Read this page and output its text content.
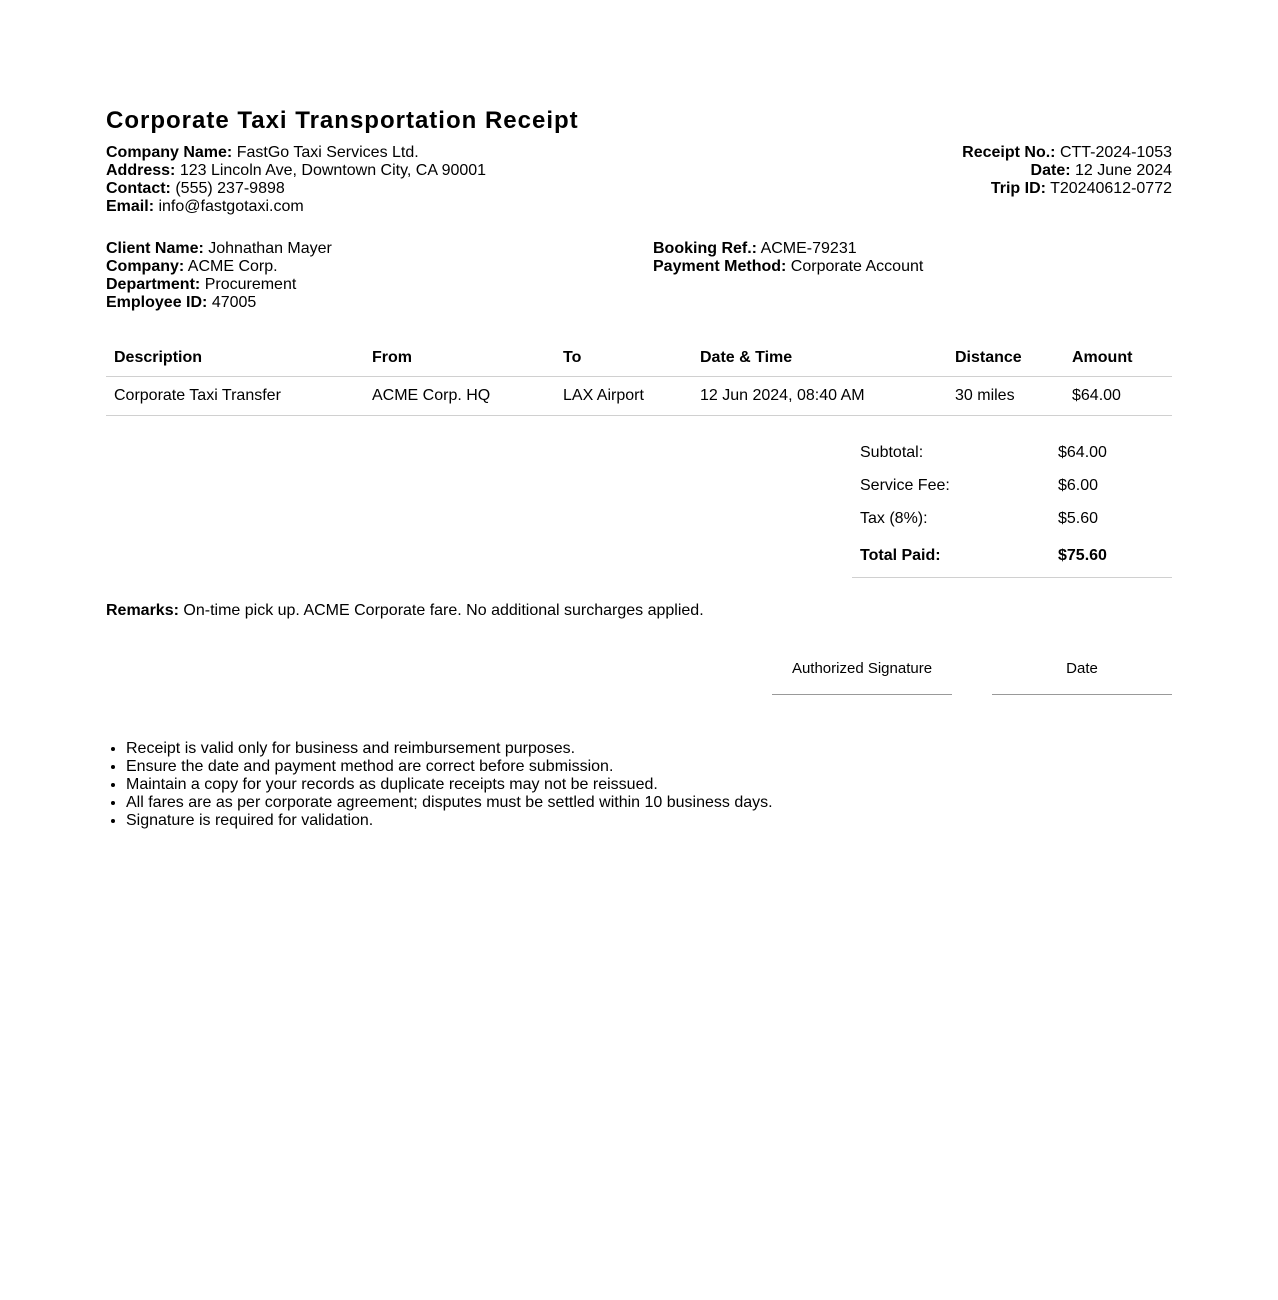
Corporate Taxi Transportation Receipt
Company Name: FastGo Taxi Services Ltd.
Address: 123 Lincoln Ave, Downtown City, CA 90001
Contact: (555) 237-9898
Email: info@fastgotaxi.com
Receipt No.: CTT-2024-1053
Date: 12 June 2024
Trip ID: T20240612-0772
Client Name: Johnathan Mayer
Company: ACME Corp.
Department: Procurement
Employee ID: 47005
Booking Ref.: ACME-79231
Payment Method: Corporate Account
Description	From	To	Date & Time	Distance	Amount
Corporate Taxi Transfer	ACME Corp. HQ	LAX Airport	12 Jun 2024, 08:40 AM	30 miles	$64.00
Subtotal:	$64.00
Service Fee:	$6.00
Tax (8%):	$5.60
Total Paid:	$75.60
Remarks: On-time pick up. ACME Corporate fare. No additional surcharges applied.
Authorized Signature	Date
• Receipt is valid only for business and reimbursement purposes.
• Ensure the date and payment method are correct before submission.
• Maintain a copy for your records as duplicate receipts may not be reissued.
• All fares are as per corporate agreement; disputes must be settled within 10 business days.
• Signature is required for validation.
